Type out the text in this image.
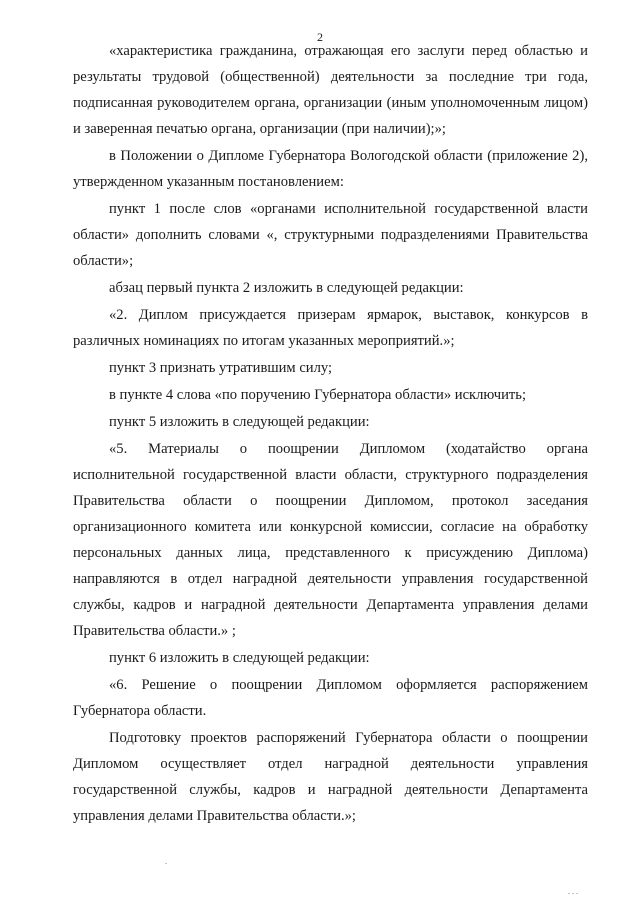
2

«характеристика гражданина, отражающая его заслуги перед областью и результаты трудовой (общественной) деятельности за последние три года, подписанная руководителем органа, организации (иным уполномоченным лицом) и заверенная печатью органа, организации (при наличии);»;

в Положении о Дипломе Губернатора Вологодской области (приложение 2), утвержденном указанным постановлением:

пункт 1 после слов «органами исполнительной государственной власти области» дополнить словами «, структурными подразделениями Правительства области»;

абзац первый пункта 2 изложить в следующей редакции:

«2. Диплом присуждается призерам ярмарок, выставок, конкурсов в различных номинациях по итогам указанных мероприятий.»;

пункт 3 признать утратившим силу;

в пункте 4 слова «по поручению Губернатора области» исключить;

пункт 5 изложить в следующей редакции:

«5. Материалы о поощрении Дипломом (ходатайство органа исполнительной государственной власти области, структурного подразделения Правительства области о поощрении Дипломом, протокол заседания организационного комитета или конкурсной комиссии, согласие на обработку персональных данных лица, представленного к присуждению Диплома) направляются в отдел наградной деятельности управления государственной службы, кадров и наградной деятельности Департамента управления делами Правительства области.» ;

пункт 6 изложить в следующей редакции:

«6. Решение о поощрении Дипломом оформляется распоряжением Губернатора области.

Подготовку проектов распоряжений Губернатора области о поощрении Дипломом осуществляет отдел наградной деятельности управления государственной службы, кадров и наградной деятельности Департамента управления делами Правительства области.»;

.
. . .
